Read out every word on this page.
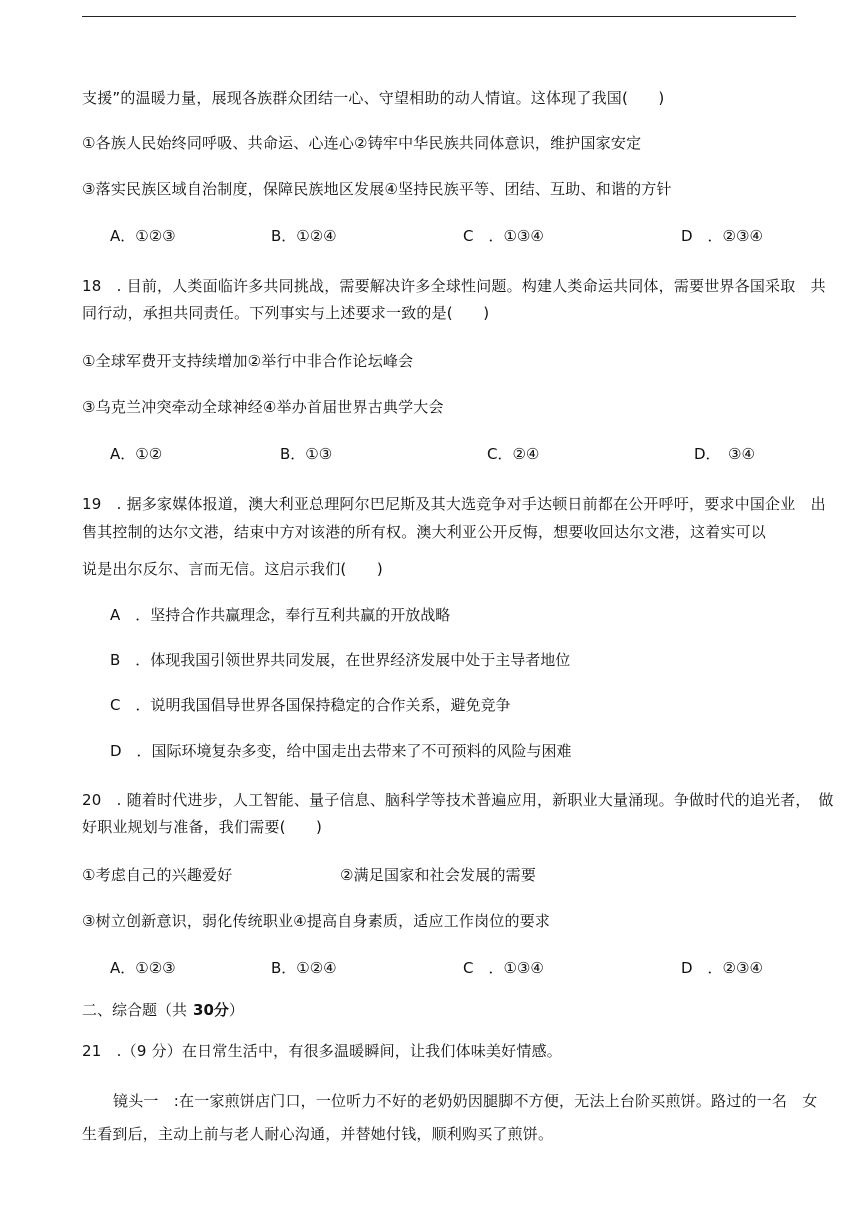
支援”的温暖力量，展现各族群众团结一心、守望相助的动人情谊。这体现了我国(　　)
①各族人民始终同呼吸、共命运、心连心②铸牢中华民族共同体意识，维护国家安定
③落实民族区域自治制度，保障民族地区发展④坚持民族平等、团结、互助、和谐的方针
A．①②③	B．①②④	C　．①③④	D　．②③④
18　. 目前，人类面临许多共同挑战，需要解决许多全球性问题。构建人类命运共同体，需要世界各国采取　共
同行动，承担共同责任。下列事实与上述要求一致的是(　　)
①全球军费开支持续增加②举行中非合作论坛峰会
③乌克兰冲突牵动全球神经④举办首届世界古典学大会
A．①②	B．①③	C．②④	D．　③④
19　. 据多家媒体报道，澳大利亚总理阿尔巴尼斯及其大选竞争对手达顿日前都在公开呼吁，要求中国企业　出
售其控制的达尔文港，结束中方对该港的所有权。澳大利亚公开反悔，想要收回达尔文港，这着实可以
说是出尔反尔、言而无信。这启示我们(　　)
A　．坚持合作共赢理念，奉行互利共赢的开放战略
B　．体现我国引领世界共同发展，在世界经济发展中处于主导者地位
C　．说明我国倡导世界各国保持稳定的合作关系，避免竞争
D　．国际环境复杂多变，给中国走出去带来了不可预料的风险与困难
20　. 随着时代进步，人工智能、量子信息、脑科学等技术普遍应用，新职业大量涌现。争做时代的追光者，　做
好职业规划与准备，我们需要(　　)
①考虑自己的兴趣爱好	②满足国家和社会发展的需要
③树立创新意识，弱化传统职业④提高自身素质，适应工作岗位的要求
A．①②③	B．①②④	C　．①③④	D　．②③④
二、综合题（共 30分）
21　.（9 分）在日常生活中，有很多温暖瞬间，让我们体味美好情感。
镜头一　:在一家煎饼店门口，一位听力不好的老奶奶因腿脚不方便，无法上台阶买煎饼。路过的一名　女
生看到后，主动上前与老人耐心沟通，并替她付钱，顺利购买了煎饼。
